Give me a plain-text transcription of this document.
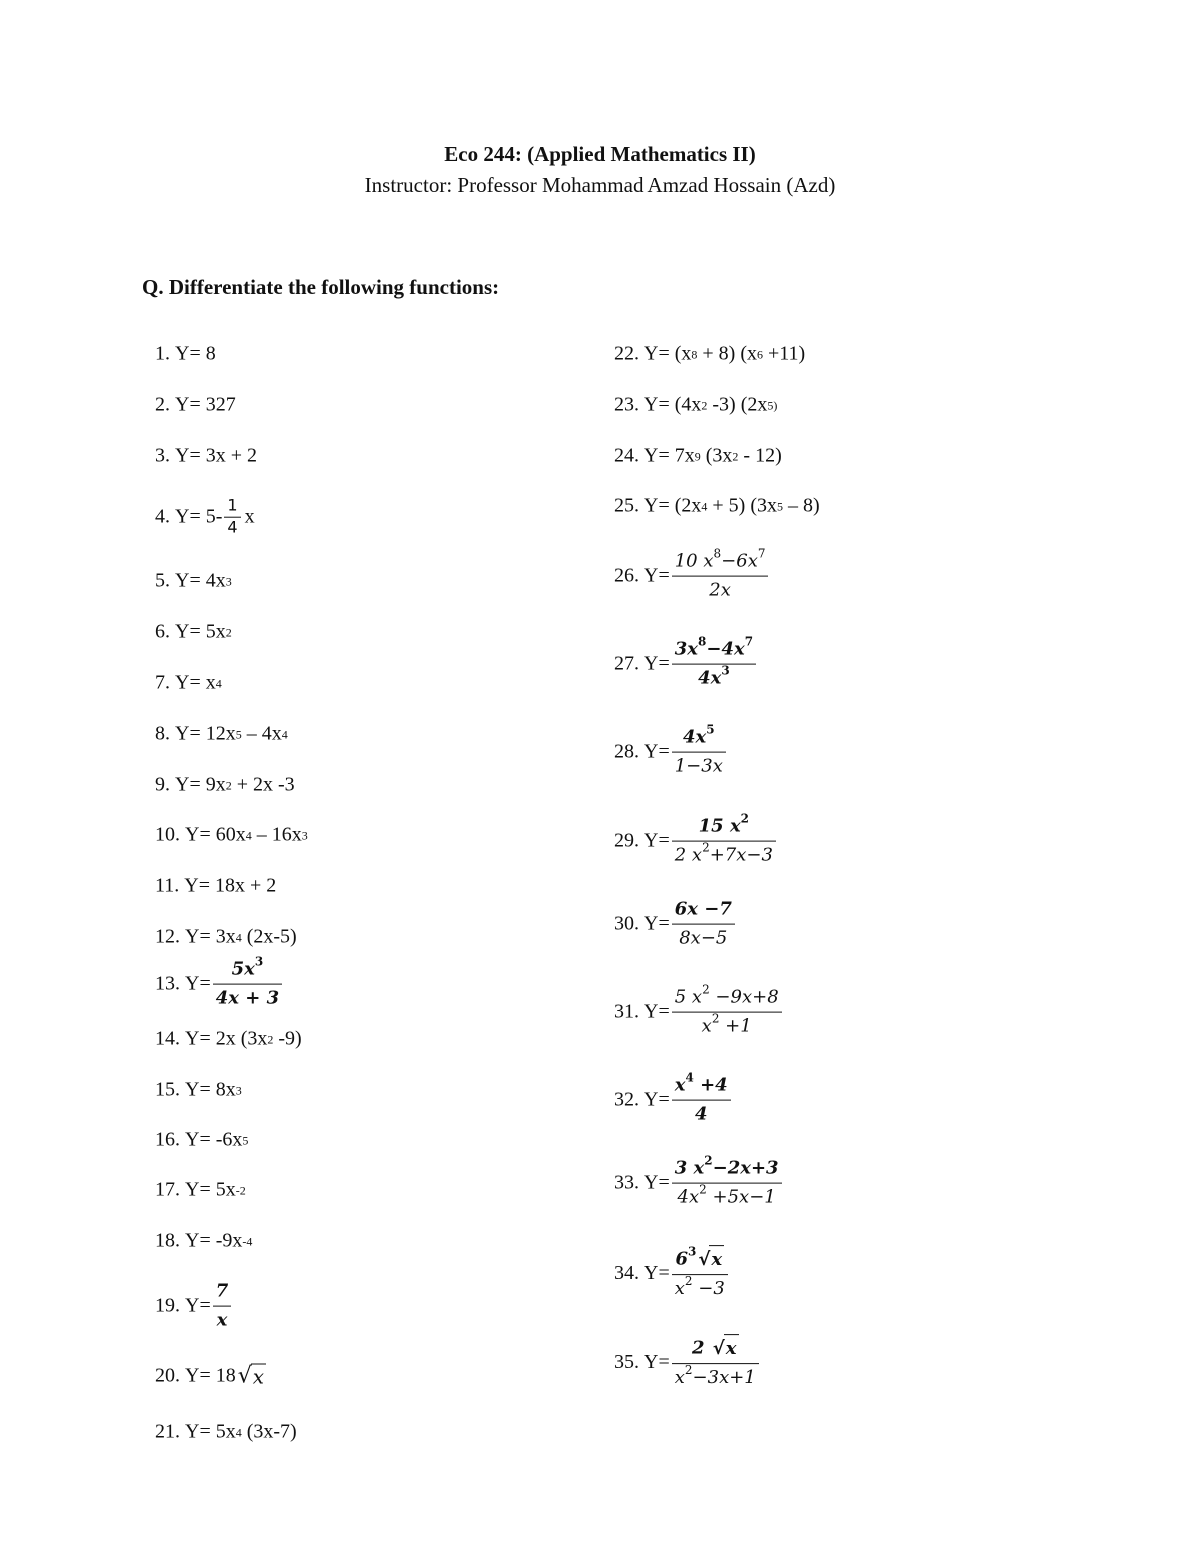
Eco 244: (Applied Mathematics II)
Instructor: Professor Mohammad Amzad Hossain (Azd)
Q. Differentiate the following functions:
1. Y= 8
2. Y= 327
3. Y= 3x + 2
4. $Y= 5- \frac{1}{4}$ x
5. Y= 4x 3
6. Y= 5x 2
7. Y= x 4
8. Y= 12x 5 – 4x 4
9. Y= 9x 2 + 2x -3
10. Y= 60x 4 – 16x 3
11. Y= 18x + 2
12. Y= 3x 4 (2x-5)
13. $Y= \frac{5x^3}{4x + 3}$
14. Y= 2x (3x 2 -9)
15. Y= 8x 3
16. Y= -6x 5
17. Y= 5x -2
18. Y= -9x -4
19. $Y= \frac{7}{x}$
20. Y= 18 √ x
21. Y= 5x 4 (3x-7)
22. Y= (x 8 + 8) (x 6 +11)
23. Y= (4x 2 -3) (2x 5)
24. Y= 7x 9 (3x 2 - 12)
25. Y= (2x 4 + 5) (3x 5 – 8)
26. $Y= \frac{10 x^8-6x^7}{2x}$
27. $Y= \frac{3x^8-4x^7}{4x^3}$
28. $Y= \frac{4x^5}{1-3x}$
29. $Y= \frac{15 x^2}{2 x^2+7x-3}$
30. $Y= \frac{6x -7}{8x-5}$
31. $Y= \frac{5 x^2 -9x+8}{x^2 +1}$
32. $Y= \frac{x^4 +4}{4}$
33. $Y= \frac{3 x^2-2x+3}{4x^2 +5x-1}$
34. $Y= \frac{6^3 √ x}{x^2 -3}$
35. $Y= \frac{2 √ x}{x^2-3x+1}$
